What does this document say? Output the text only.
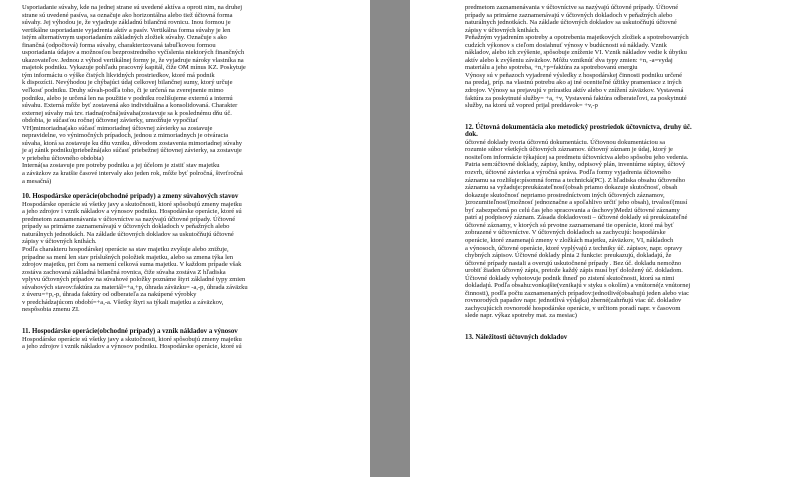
Usporiadanie súvahy, kde na jednej strane sú uvedené aktíva a oproti nim, na druhej
strane sú uvedené pasíva, sa označuje ako horizontálna alebo tiež účtovná forma
súvahy. Jej výhodou je, že vyjadruje základnú bilančnú rovnicu. Inou formou je
vertikálne usporiadanie vyjadrenia aktív a pasív. Vertikálna forma súvahy je len
istým alternatívnym usporiadaním základných zložiek súvahy. Označuje s ako
finančná (odpočtová) forma súvahy, charakterizovaná tabuľkovou formou
usporiadania údajov a možnosťou bezprostredného vyčíslenia niektorých finančných
ukazovateľov. Jednou z výhod vertikálnej formy je, že vyjadruje nároky vlastníka na
majetok podniku. Vykazuje pohľadu pracovný kapitál, čiže OM mínus KZ. Poskytuje
tým informáciu o výške čistých likvidných prostriedkov, ktoré má podnik
k dispozícii. Nevýhodou je chýbajúci údaj celkovej bilančnej sumy, ktorý určuje
veľkosť podniku. Druhy súvah-podľa toho, či je určená na zverejnenie mimo
podniku, alebo je určená len na použitie v podniku rozlišujeme externú a internú
súvahu. Externá môže byť zostavená ako individuálna a konsolidovaná. Charakter
externej súvahy má tzv. riadna(ročná)súvaha(zostavuje sa k poslednému dňu úč.
obdobia, je súčasťou ročnej účtovnej závierky, umožňuje vypočítať
VH)mimoriadna(ako súčasť mimoriadnej účtovnej závierky sa zostavuje
nepravidelne, vo výnimočných prípadoch, jednou z mimoriadnych je otváracia
súvaha, ktorá sa zostavuje ku dňu vzniku, dôvodom zostavenia mimoriadnej súvahy
je aj zánik podniku)priebežná(ako súčasť priebežnej účtovnej závierky, sa zostavuje
v priebehu účtovného obdobia)
Interná(sa zostavuje pre potreby podniku a jej účelom je zistiť stav majetku
a záväzkov za kratšie časové intervaly ako jeden rok, môže byť polročná, štvrťročná
a mesačná)

10. Hospodárske operácie(obchodné prípady) a zmeny súvahových stavov

Hospodárske operácie sú všetky javy a skutočnosti, ktoré spôsobujú zmeny majetku
a jeho zdrojov i vznik nákladov a výnosov podniku. Hospodárske operácie, ktoré sú
predmetom zaznamenávania v účtovníctve sa nazývajú účtovné prípady. Účtovné
prípady sa primárne zaznamenávajú v účtovných dokladoch v peňažných alebo
naturálnych jednotkách. Na základe účtovných dokladov sa uskutočňujú účtovné
zápisy v účtovných knihách.
Podľa charakteru hospodárskej operácie sa stav majetku zvyšuje alebo znižuje,
prípadne sa mení len stav príslušných položiek majetku, alebo sa zmena týka len
zdrojov majetku, pri čom sa nemení celková suma majetku. V každom prípade však
zostáva zachovaná základná bilančná rovnica, čiže súvaha zostáva Z hľadiska
vplyvu účtovných prípadov na súvahové položky poznáme štyri základné typy zmien
súvahových stavov:faktúra za materiál=+a,+p, úhrada záväzku= -a,-p, úhrada záväzku
z úveru=+p,-p, úhrada faktúry od odberateľa za nakúpené výrobky
v predchádzajúcom období=+a,-a. Všetky štyri sa týkali majetku a záväzkov,
nespôsobia zmenu ZI.

11. Hospodárske operácie(obchodné prípady) a vznik nákladov a výnosov

Hospodárske operácie sú všetky javy a skutočnosti, ktoré spôsobujú zmeny majetku
a jeho zdrojov i vznik nákladov a výnosov podniku. Hospodárske operácie, ktoré sú

predmetom zaznamenávania v účtovníctve sa nazývajú účtovné prípady. Účtovné
prípady sa primárne zaznamenávajú v účtovných dokladoch v peňažných alebo
naturálnych jednotkách. Na základe účtovných dokladov sa uskutočňujú účtovné
zápisy v účtovných knihách.
Peňažným vyjadrením spotreby a opotrebenia majetkových zložiek a spotrebovaných
cudzích výkonov s cieľom dosiahnuť výnosy v budúcnosti sú náklady. Vznik
nákladov, alebo ich zvýšenie, spôsobuje zníženie VI. Vznik nákladov vedie k úbytku
aktív alebo k zvýšeniu záväzkov. Môžu vzniknúť dva typy zmien: +n, -a=vydaj
materiálu a jeho spotreba, +n,+p=faktúra za spotrebovanú energiu
Výnosy sú v peňazoch vyjadrené výsledky z hospodárskej činnosti podniku určené
na predaj, príp. na vlastnú potrebu ako aj iné oceniteľné úžitky prameniace z iných
zdrojov. Výnosy sa prejavujú v prírastku aktív alebo v znížení záväzkov. Vystavená
faktúra za poskytnuté služby= +a, +v, Vystavená faktúra odberateľovi, za poskytnuté
služby, na ktorú už vopred prijal preddavok= +v,-p

12. Účtovná dokumentácia ako metodický prostriedok účtovníctva, druhy úč.
dok.

účtovné doklady tvoria účtovnú dokumentáciu. Účtovnou dokumentáciou sa
rozumie súbor všetkých účtovných záznamov. účtovný záznam je údaj, ktorý je
nositeľom informácie týkajúcej sa predmetu účtovníctva alebo spôsobu jeho vedenia.
Patria sem:účtovné doklady, zápisy, knihy, odpisový plán, inventúrne súpisy, účtový
rozvrh, účtovné závierka a výročná správa. Podľa formy vyjadrenia účtovného
záznamu sa rozlišuje:písomná forma a technická(PC). Z hľadiska obsahu účtovného
záznamu sa vyžaduje:preukázateľnosť(obsah priamo dokazuje skutočnosť, obsah
dokazuje skutočnosť nepriamo prostredníctvom iných účtovných záznamov,
)zrozumiteľnosť(možnosť jednoznačne a spoľahlivo určiť jeho obsah), trvalosť(musí
byť zabezpečená po celú čas jeho spracovania a úschovy)Medzi účtovné záznamy
patrí aj podpisový záznam. Zásada dokladovosti – účtovné doklady sú preukázateľné
účtovné záznamy, v ktorých sú prvotne zaznamenané tie operácie, ktoré má byť
zobrazené v účtovníctve. V účtovných dokladoch sa zachycujú: hospodárske
operácie, ktoré znamenajú zmeny v zložkách majetku, záväzkov, VI, nákladoch
a výnosoch, účtovné operácie, ktoré vyplývajú z techniky úč. zápisov, napr. opravy
chybných zápisov. Účtovné doklady plnia 2 funkcie: preukazujú, dokladajú, že
účtovné prípady nastali a overujú uskutočnené prípady . Bez úč. dokladu nemožno
urobiť žiaden účtovný zápis, pretože každý zápis musí byť doložený úč. dokladom.
Účtovné doklady vyhotovuje podnik ihneď po zistení skutočnosti, ktorú sa nimi
dokladajú. Podľa obsahu:vonkajšie(vznikajú v styku s okolím) a vnútorné(z vnútornej
činnosti), podľa počtu zaznamenaných prípadov:jednotlivé(obsahujú jeden alebo viac
rovnorodých papadov napr. jednotlivá výdajka) zberné(zahrňujú viac úč. dokladov
zachycujúcich rovnorodé hospodárske operácie, v určitom poradí napr. v časovom
slede napr. výkaz spotreby mat. za mesiac)

13. Náležitosti účtovných dokladov
